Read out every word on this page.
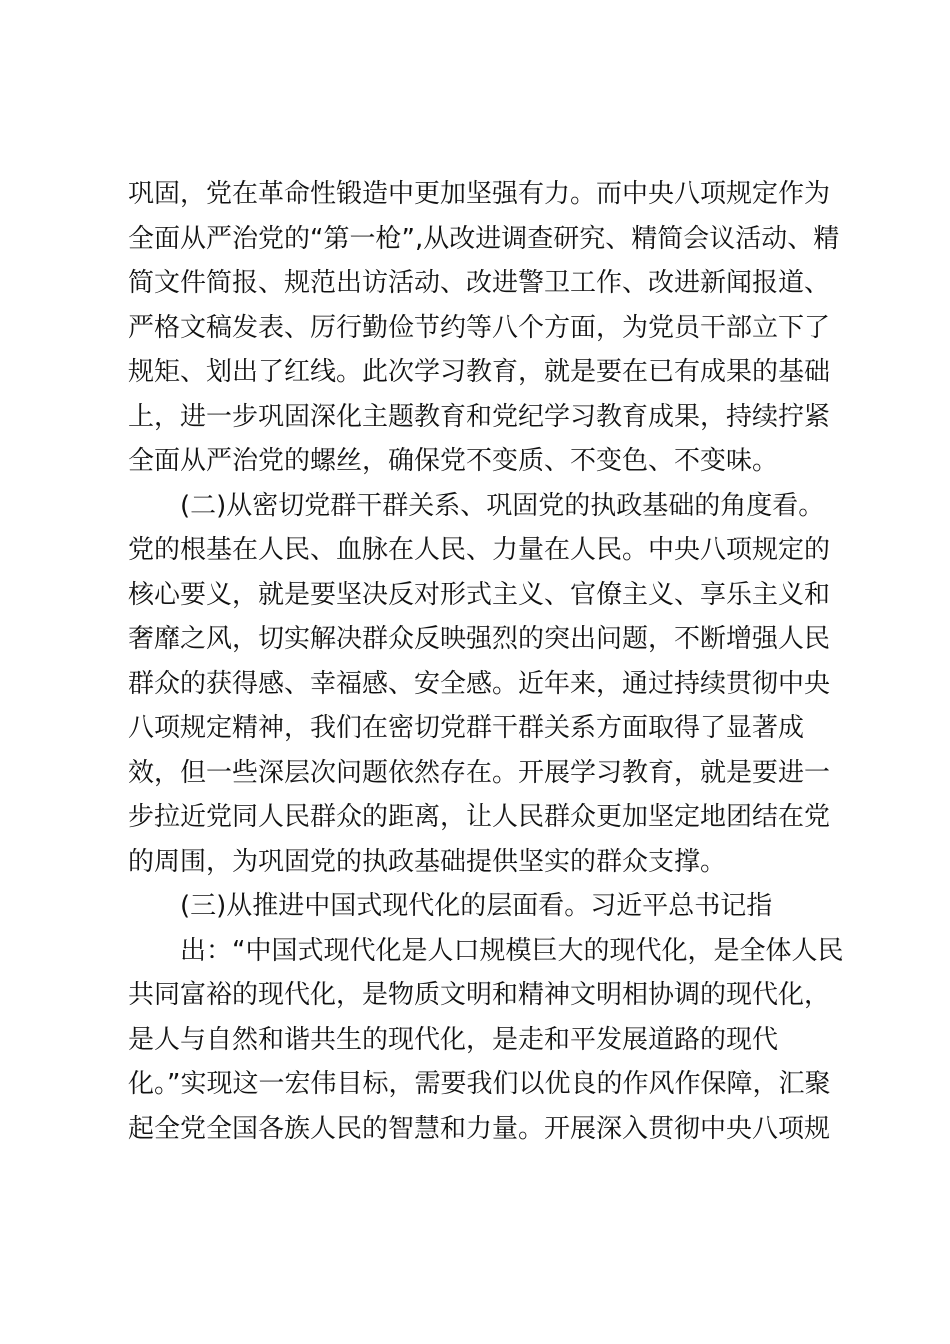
巩固，党在革命性锻造中更加坚强有力。而中央八项规定作为
全面从严治党的“第一枪”,从改进调查研究、精简会议活动、精
简文件简报、规范出访活动、改进警卫工作、改进新闻报道、
严格文稿发表、厉行勤俭节约等八个方面，为党员干部立下了
规矩、划出了红线。此次学习教育，就是要在已有成果的基础
上，进一步巩固深化主题教育和党纪学习教育成果，持续拧紧
全面从严治党的螺丝，确保党不变质、不变色、不变味。
(二)从密切党群干群关系、巩固党的执政基础的角度看。
党的根基在人民、血脉在人民、力量在人民。中央八项规定的
核心要义，就是要坚决反对形式主义、官僚主义、享乐主义和
奢靡之风，切实解决群众反映强烈的突出问题，不断增强人民
群众的获得感、幸福感、安全感。近年来，通过持续贯彻中央
八项规定精神，我们在密切党群干群关系方面取得了显著成
效，但一些深层次问题依然存在。开展学习教育，就是要进一
步拉近党同人民群众的距离，让人民群众更加坚定地团结在党
的周围，为巩固党的执政基础提供坚实的群众支撑。
(三)从推进中国式现代化的层面看。习近平总书记指
出：“中国式现代化是人口规模巨大的现代化，是全体人民
共同富裕的现代化，是物质文明和精神文明相协调的现代化，
是人与自然和谐共生的现代化，是走和平发展道路的现代
化。”实现这一宏伟目标，需要我们以优良的作风作保障，汇聚
起全党全国各族人民的智慧和力量。开展深入贯彻中央八项规
